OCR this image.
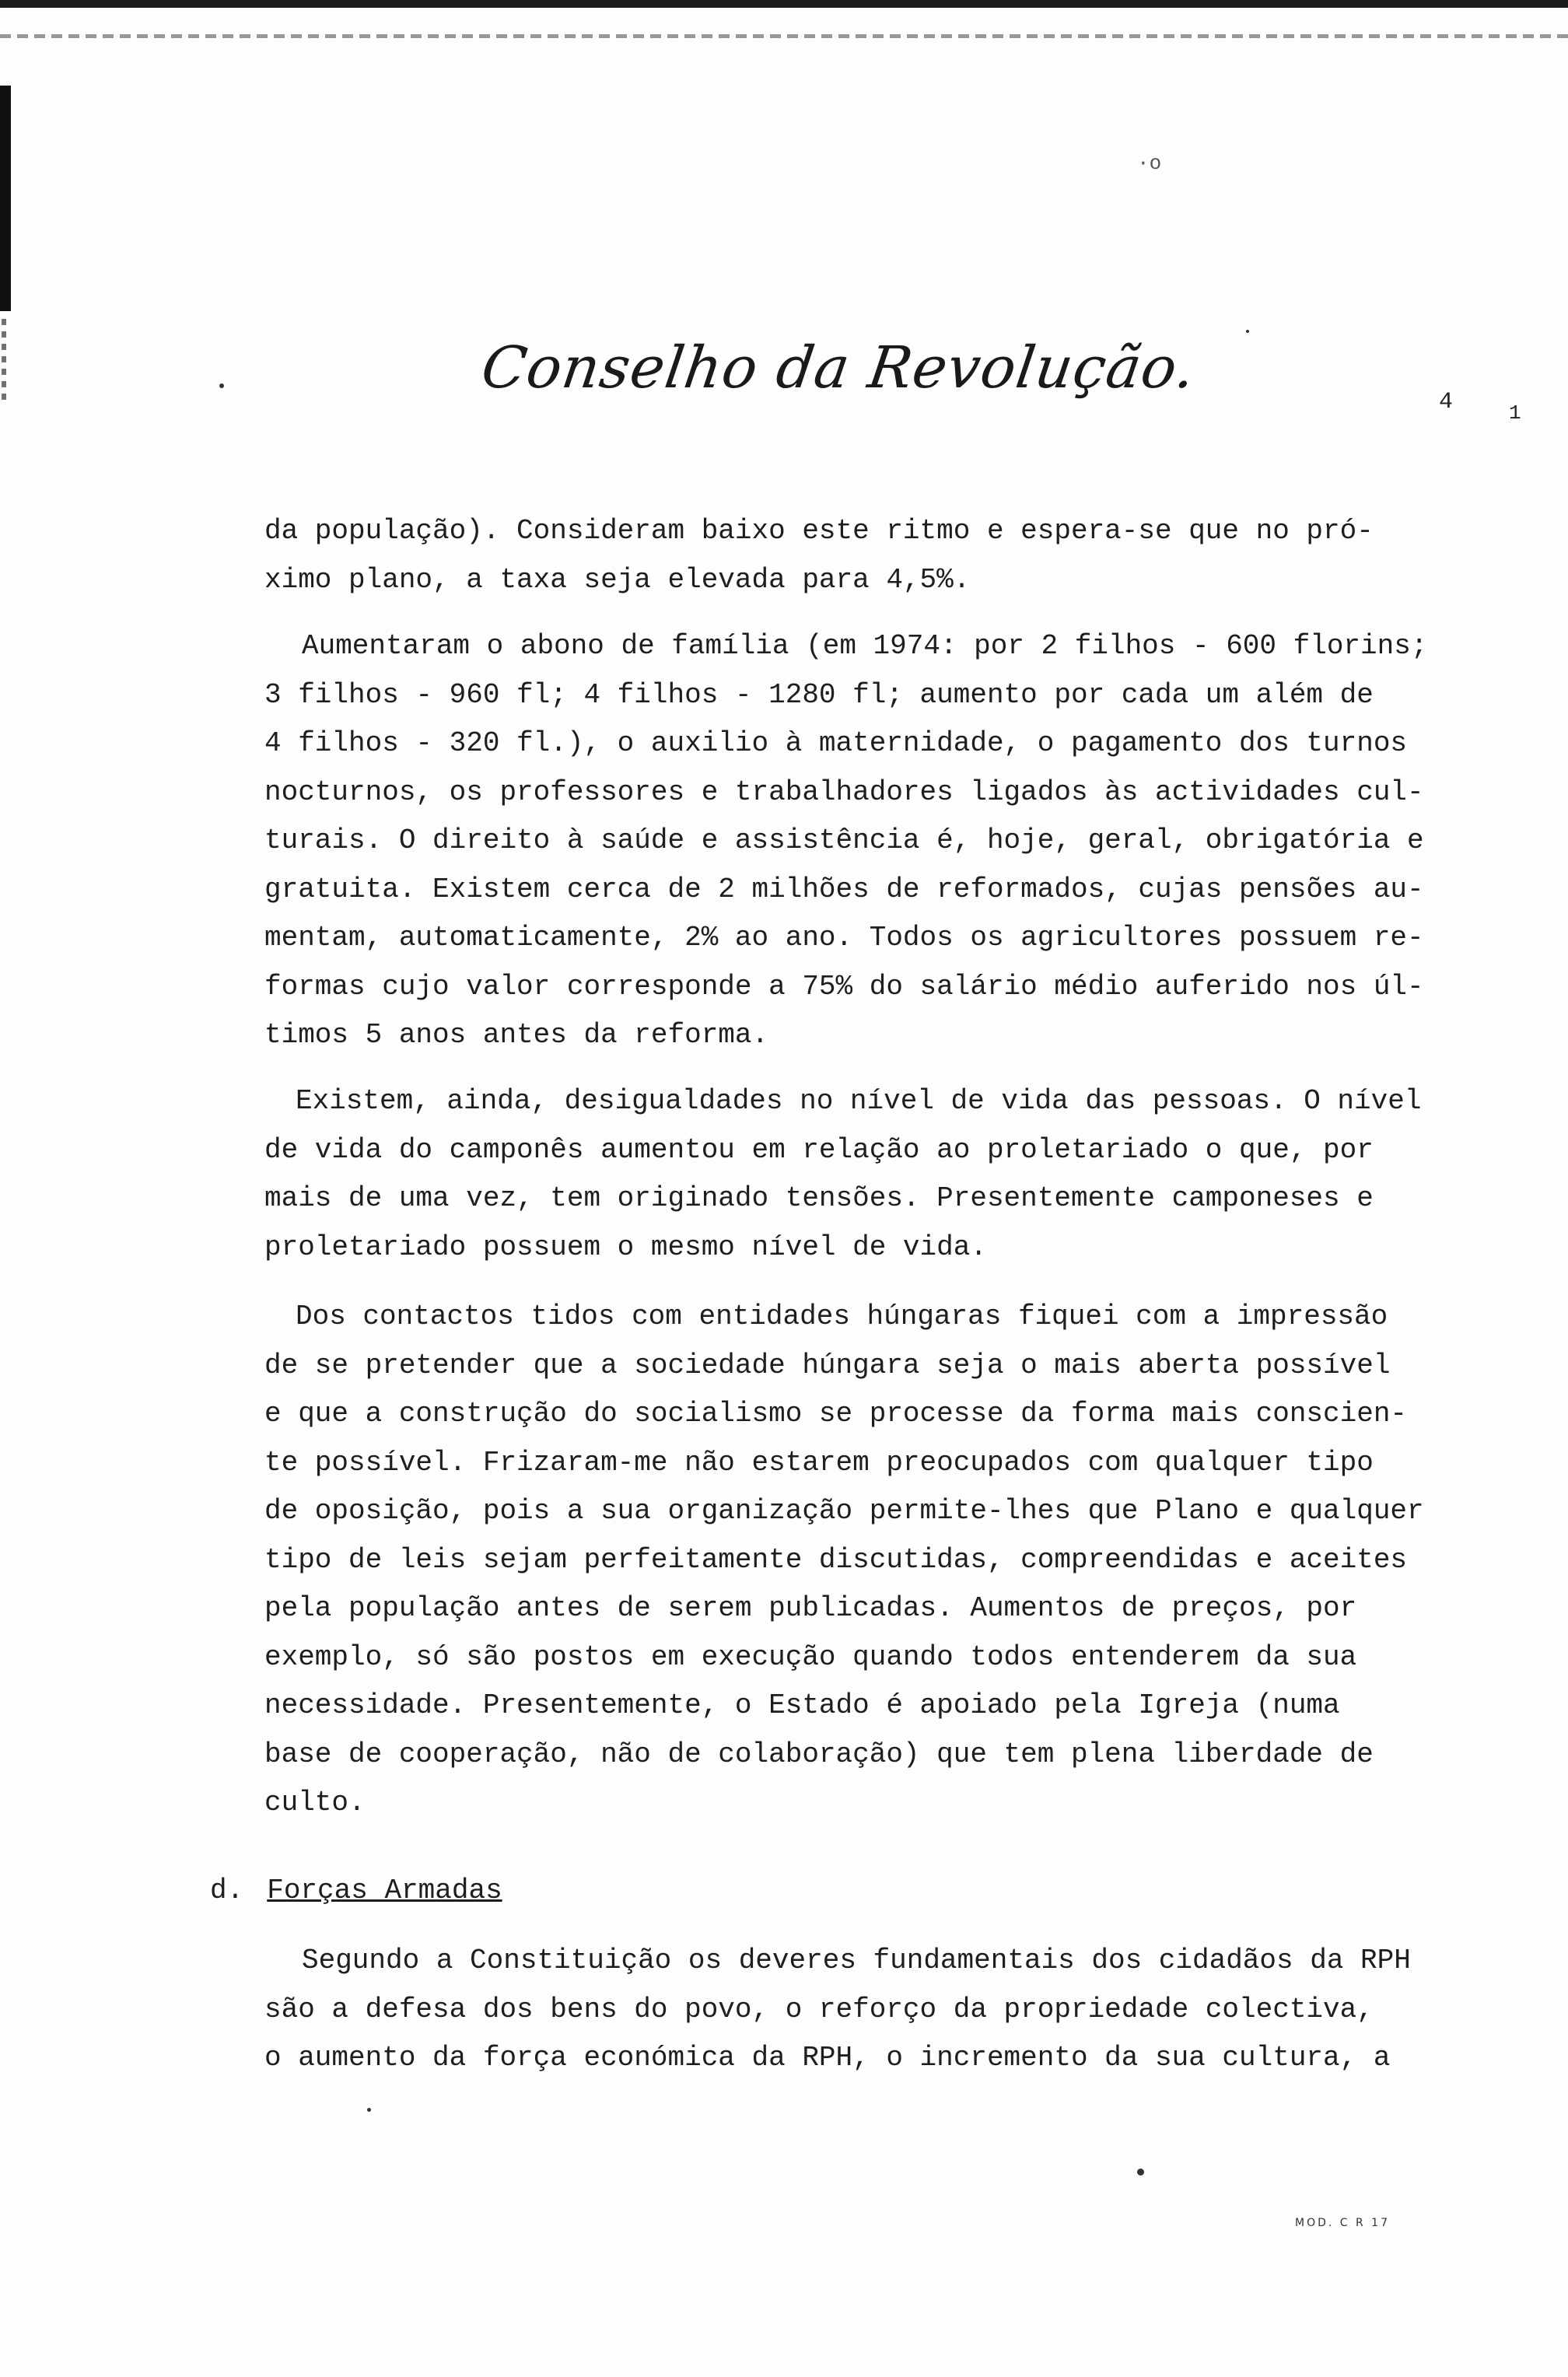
·o
Conselho da Revolução.
4	1
da população). Consideram baixo este ritmo e espera-se que no pró-
ximo plano, a taxa seja elevada para 4,5%.
Aumentaram o abono de família (em 1974: por 2 filhos - 600 florins;
3 filhos - 960 fl; 4 filhos - 1280 fl; aumento por cada um além de
4 filhos - 320 fl.), o auxilio à maternidade, o pagamento dos turnos
nocturnos, os professores e trabalhadores ligados às actividades cul-
turais. O direito à saúde e assistência é, hoje, geral, obrigatória e
gratuita. Existem cerca de 2 milhões de reformados, cujas pensões au-
mentam, automaticamente, 2% ao ano. Todos os agricultores possuem re-
formas cujo valor corresponde a 75% do salário médio auferido nos úl-
timos 5 anos antes da reforma.
Existem, ainda, desigualdades no nível de vida das pessoas. O nível
de vida do camponês aumentou em relação ao proletariado o que, por
mais de uma vez, tem originado tensões. Presentemente camponeses e
proletariado possuem o mesmo nível de vida.
Dos contactos tidos com entidades húngaras fiquei com a impressão
de se pretender que a sociedade húngara seja o mais aberta possível
e que a construção do socialismo se processe da forma mais conscien-
te possível. Frizaram-me não estarem preocupados com qualquer tipo
de oposição, pois a sua organização permite-lhes que Plano e qualquer
tipo de leis sejam perfeitamente discutidas, compreendidas e aceites
pela população antes de serem publicadas. Aumentos de preços, por
exemplo, só são postos em execução quando todos entenderem da sua
necessidade. Presentemente, o Estado é apoiado pela Igreja (numa
base de cooperação, não de colaboração) que tem plena liberdade de
culto.
d. Forças Armadas
Segundo a Constituição os deveres fundamentais dos cidadãos da RPH
são a defesa dos bens do povo, o reforço da propriedade colectiva,
o aumento da força económica da RPH, o incremento da sua cultura, a
MOD. C R 17
